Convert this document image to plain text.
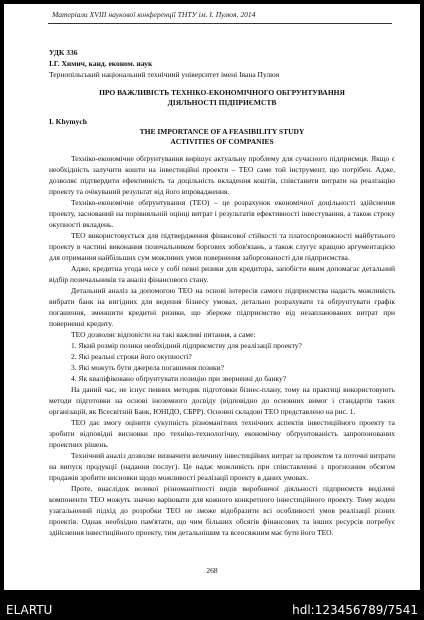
Матеріали XVIII наукової конференції ТНТУ ім. І. Пулюя, 2014

УДК 336

І.Г. Химич, канд. економ. наук

Тернопільський національний технічний університет імені Івана Пулюя

ПРО ВАЖЛИВІСТЬ ТЕХНІКО-ЕКОНОМІЧНОГО ОБГРУНТУВАННЯ
ДІЯЛЬНОСТІ ПІДПРИЄМСТВ

I. Khymych

THE IMPORTANCE OF A FEASIBILITY STUDY
ACTIVITIES OF COMPANIES

Техніко-економічне обґрунтування вирішує актуальну проблему для сучасного підприємця. Якщо є необхідність залучити кошти на інвестиційні проекти – ТЕО саме той інструмент, що потрібен. Адже, дозволяє підтвердити ефективність та доцільність вкладення коштів, співставити витрати на реалізацію проекту та очікуваний результат від його впровадження.

Техніко-економічне обґрунтування (ТЕО) – це розрахунок економічної доцільності здійснення проекту, заснований на порівняльній оцінці витрат і результатів ефективності інвестування, а також строку окупності вкладень.

ТЕО використовується для підтвердження фінансової стійкості та платоспроможності майбутнього проекту в частині виконання позичальником боргових зобов'язань, а також слугує кращою аргументацією для отримання найбільших сум можливих умов повернення заборгованості для підприємства.

Адже, кредитна угода несе у собі певні ризики для кредитора, запобігти яким допомагає детальний відбір позичальників та аналіз фінансового стану.

Детальний аналіз за допомогою ТЕО на основі інтересів самого підприємства надасть можливість вибрати банк на вигідних для ведення бізнесу умовах, детально розрахувати та обґрунтувати графік погашення, зменшити кредитні ризики, що збереже підприємство від незапланованих витрат при поверненні кредиту.

ТЕО дозволяє відповісти на такі важливі питання, а саме:

1. Який розмір позики необхідний підприємству для реалізації проекту?
2. Які реальні строки його окупності?
3. Які можуть бути джерела погашення позики?
4. Як кваліфіковано обґрунтувати позицію при зверненні до банку?

На даний час, не існує певних методик підготовки бізнес-плану, тому на практиці використовують методи підготовки на основі іноземного досвіду (відповідно до основних вимог і стандартів таких організацій, як Всесвітній Банк, ЮНІДО, СБРР). Основні складові ТЕО представлено на рис. 1.

ТЕО дає змогу оцінити сукупність різноманітних технічних аспектів інвестиційного проекту та зробити відповідні висновки про техніко-технологічну, економічну обґрунтованість запропонованих проектних рішень.

Технічний аналіз дозволяє визначити величину інвестиційних витрат за проектом та поточні витрати на випуск продукції (надання послуг). Це надає можливість при співставленні з прогнозним обсягом продажів зробити висновки щодо можливості реалізації проекту в даних умовах.

Проте, внаслідок великої різноманітності видів виробничої діяльності підприємств виділені компоненти ТЕО можуть значно варіювати для кожного конкретного інвестиційного проекту. Тому жоден узагальнений підхід до розробки ТЕО не зможе відобразити всі особливості умов реалізації різних проектів. Однак необхідно пам'ятати, що чим більших обсягів фінансових та інших ресурсів потребує здійснення інвестиційного проекту, тим детальнішим та всеосяжним має бути його ТЕО.

268
ELARTU	hdl:123456789/7541
